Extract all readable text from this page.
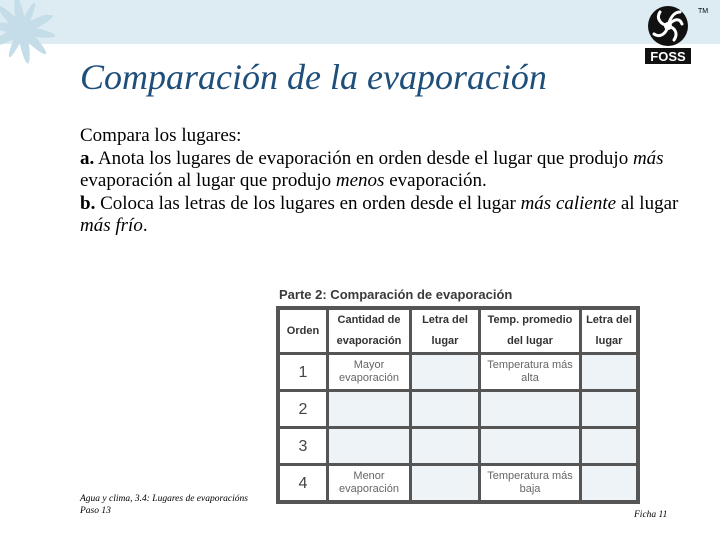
Comparación de la evaporación
FOSS
TM

Compara los lugares:

a. Anota los lugares de evaporación en orden desde el lugar que produjo más evaporación al lugar que produjo menos evaporación.

b. Coloca las letras de los lugares en orden desde el lugar más caliente al lugar más frío.

Parte 2: Comparación de evaporación
Orden	Cantidad de evaporación	Letra del lugar	Temp. promedio del lugar	Letra del lugar
1	Mayor evaporación		Temperatura más alta	
2				
3				
4	Menor evaporación		Temperatura más baja	
Agua y clima, 3.4: Lugares de evaporacións
Paso 13	Ficha 11
